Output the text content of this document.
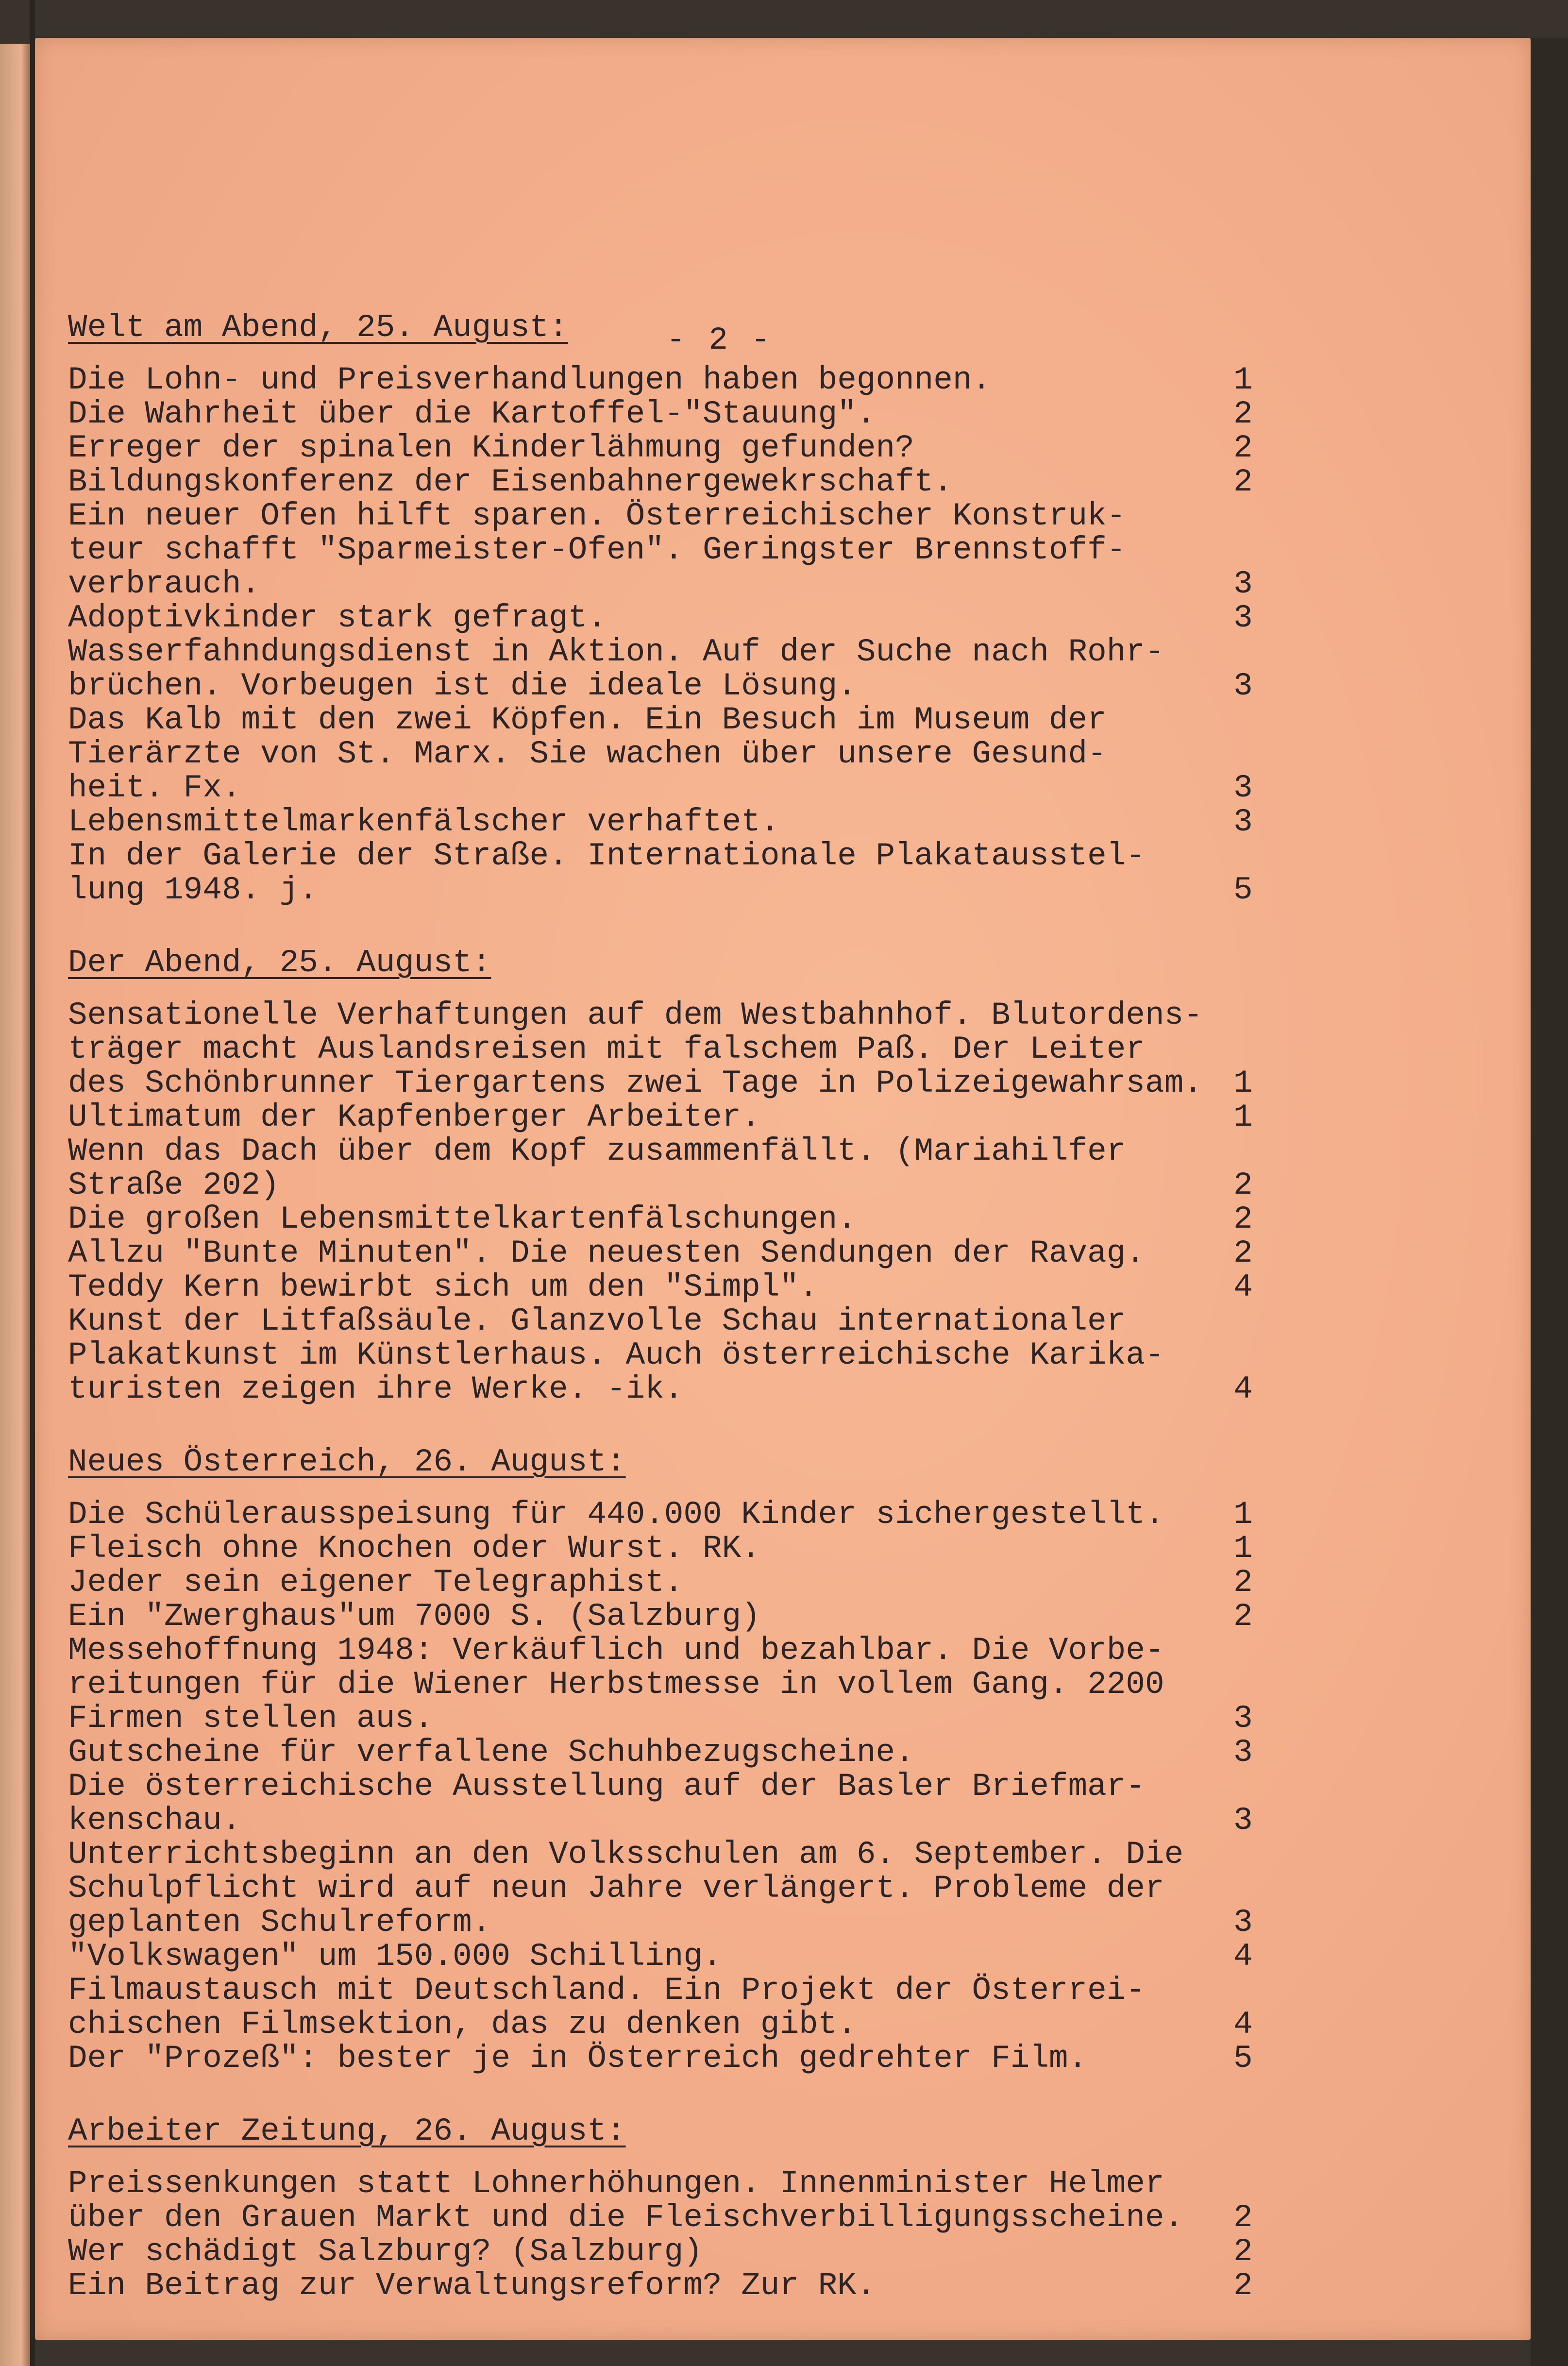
- 2 -
Welt am Abend, 25. August:
Die Lohn- und Preisverhandlungen haben begonnen.	1
Die Wahrheit über die Kartoffel-"Stauung".	2
Erreger der spinalen Kinderlähmung gefunden?	2
Bildungskonferenz der Eisenbahnergewekrschaft.	2
Ein neuer Ofen hilft sparen. Österreichischer Konstruk-
teur schafft "Sparmeister-Ofen". Geringster Brennstoff-
verbrauch.	3
Adoptivkinder stark gefragt.	3
Wasserfahndungsdienst in Aktion. Auf der Suche nach Rohr-
brüchen. Vorbeugen ist die ideale Lösung.	3
Das Kalb mit den zwei Köpfen. Ein Besuch im Museum der
Tierärzte von St. Marx. Sie wachen über unsere Gesund-
heit. Fx.	3
Lebensmittelmarkenfälscher verhaftet.	3
In der Galerie der Straße. Internationale Plakatausstel-
lung 1948. j.	5
Der Abend, 25. August:
Sensationelle Verhaftungen auf dem Westbahnhof. Blutordens-
träger macht Auslandsreisen mit falschem Paß. Der Leiter
des Schönbrunner Tiergartens zwei Tage in Polizeigewahrsam. 1
Ultimatum der Kapfenberger Arbeiter.	1
Wenn das Dach über dem Kopf zusammenfällt. (Mariahilfer
Straße 202)	2
Die großen Lebensmittelkartenfälschungen.	2
Allzu "Bunte Minuten". Die neuesten Sendungen der Ravag.	2
Teddy Kern bewirbt sich um den "Simpl".	4
Kunst der Litfaßsäule. Glanzvolle Schau internationaler
Plakatkunst im Künstlerhaus. Auch österreichische Karika-
turisten zeigen ihre Werke. -ik.	4
Neues Österreich, 26. August:
Die Schülerausspeisung für 440.000 Kinder sichergestellt.	1
Fleisch ohne Knochen oder Wurst. RK.	1
Jeder sein eigener Telegraphist.	2
Ein "Zwerghaus"um 7000 S. (Salzburg)	2
Messehoffnung 1948: Verkäuflich und bezahlbar. Die Vorbe-
reitungen für die Wiener Herbstmesse in vollem Gang. 2200
Firmen stellen aus.	3
Gutscheine für verfallene Schuhbezugscheine.	3
Die österreichische Ausstellung auf der Basler Briefmar-
kenschau.	3
Unterrichtsbeginn an den Volksschulen am 6. September. Die
Schulpflicht wird auf neun Jahre verlängert. Probleme der
geplanten Schulreform.	3
"Volkswagen" um 150.000 Schilling.	4
Filmaustausch mit Deutschland. Ein Projekt der Österrei-
chischen Filmsektion, das zu denken gibt.	4
Der "Prozeß": bester je in Österreich gedrehter Film.	5
Arbeiter Zeitung, 26. August:
Preissenkungen statt Lohnerhöhungen. Innenminister Helmer
über den Grauen Markt und die Fleischverbilligungsscheine.	2
Wer schädigt Salzburg? (Salzburg)	2
Ein Beitrag zur Verwaltungsreform? Zur RK.	2
